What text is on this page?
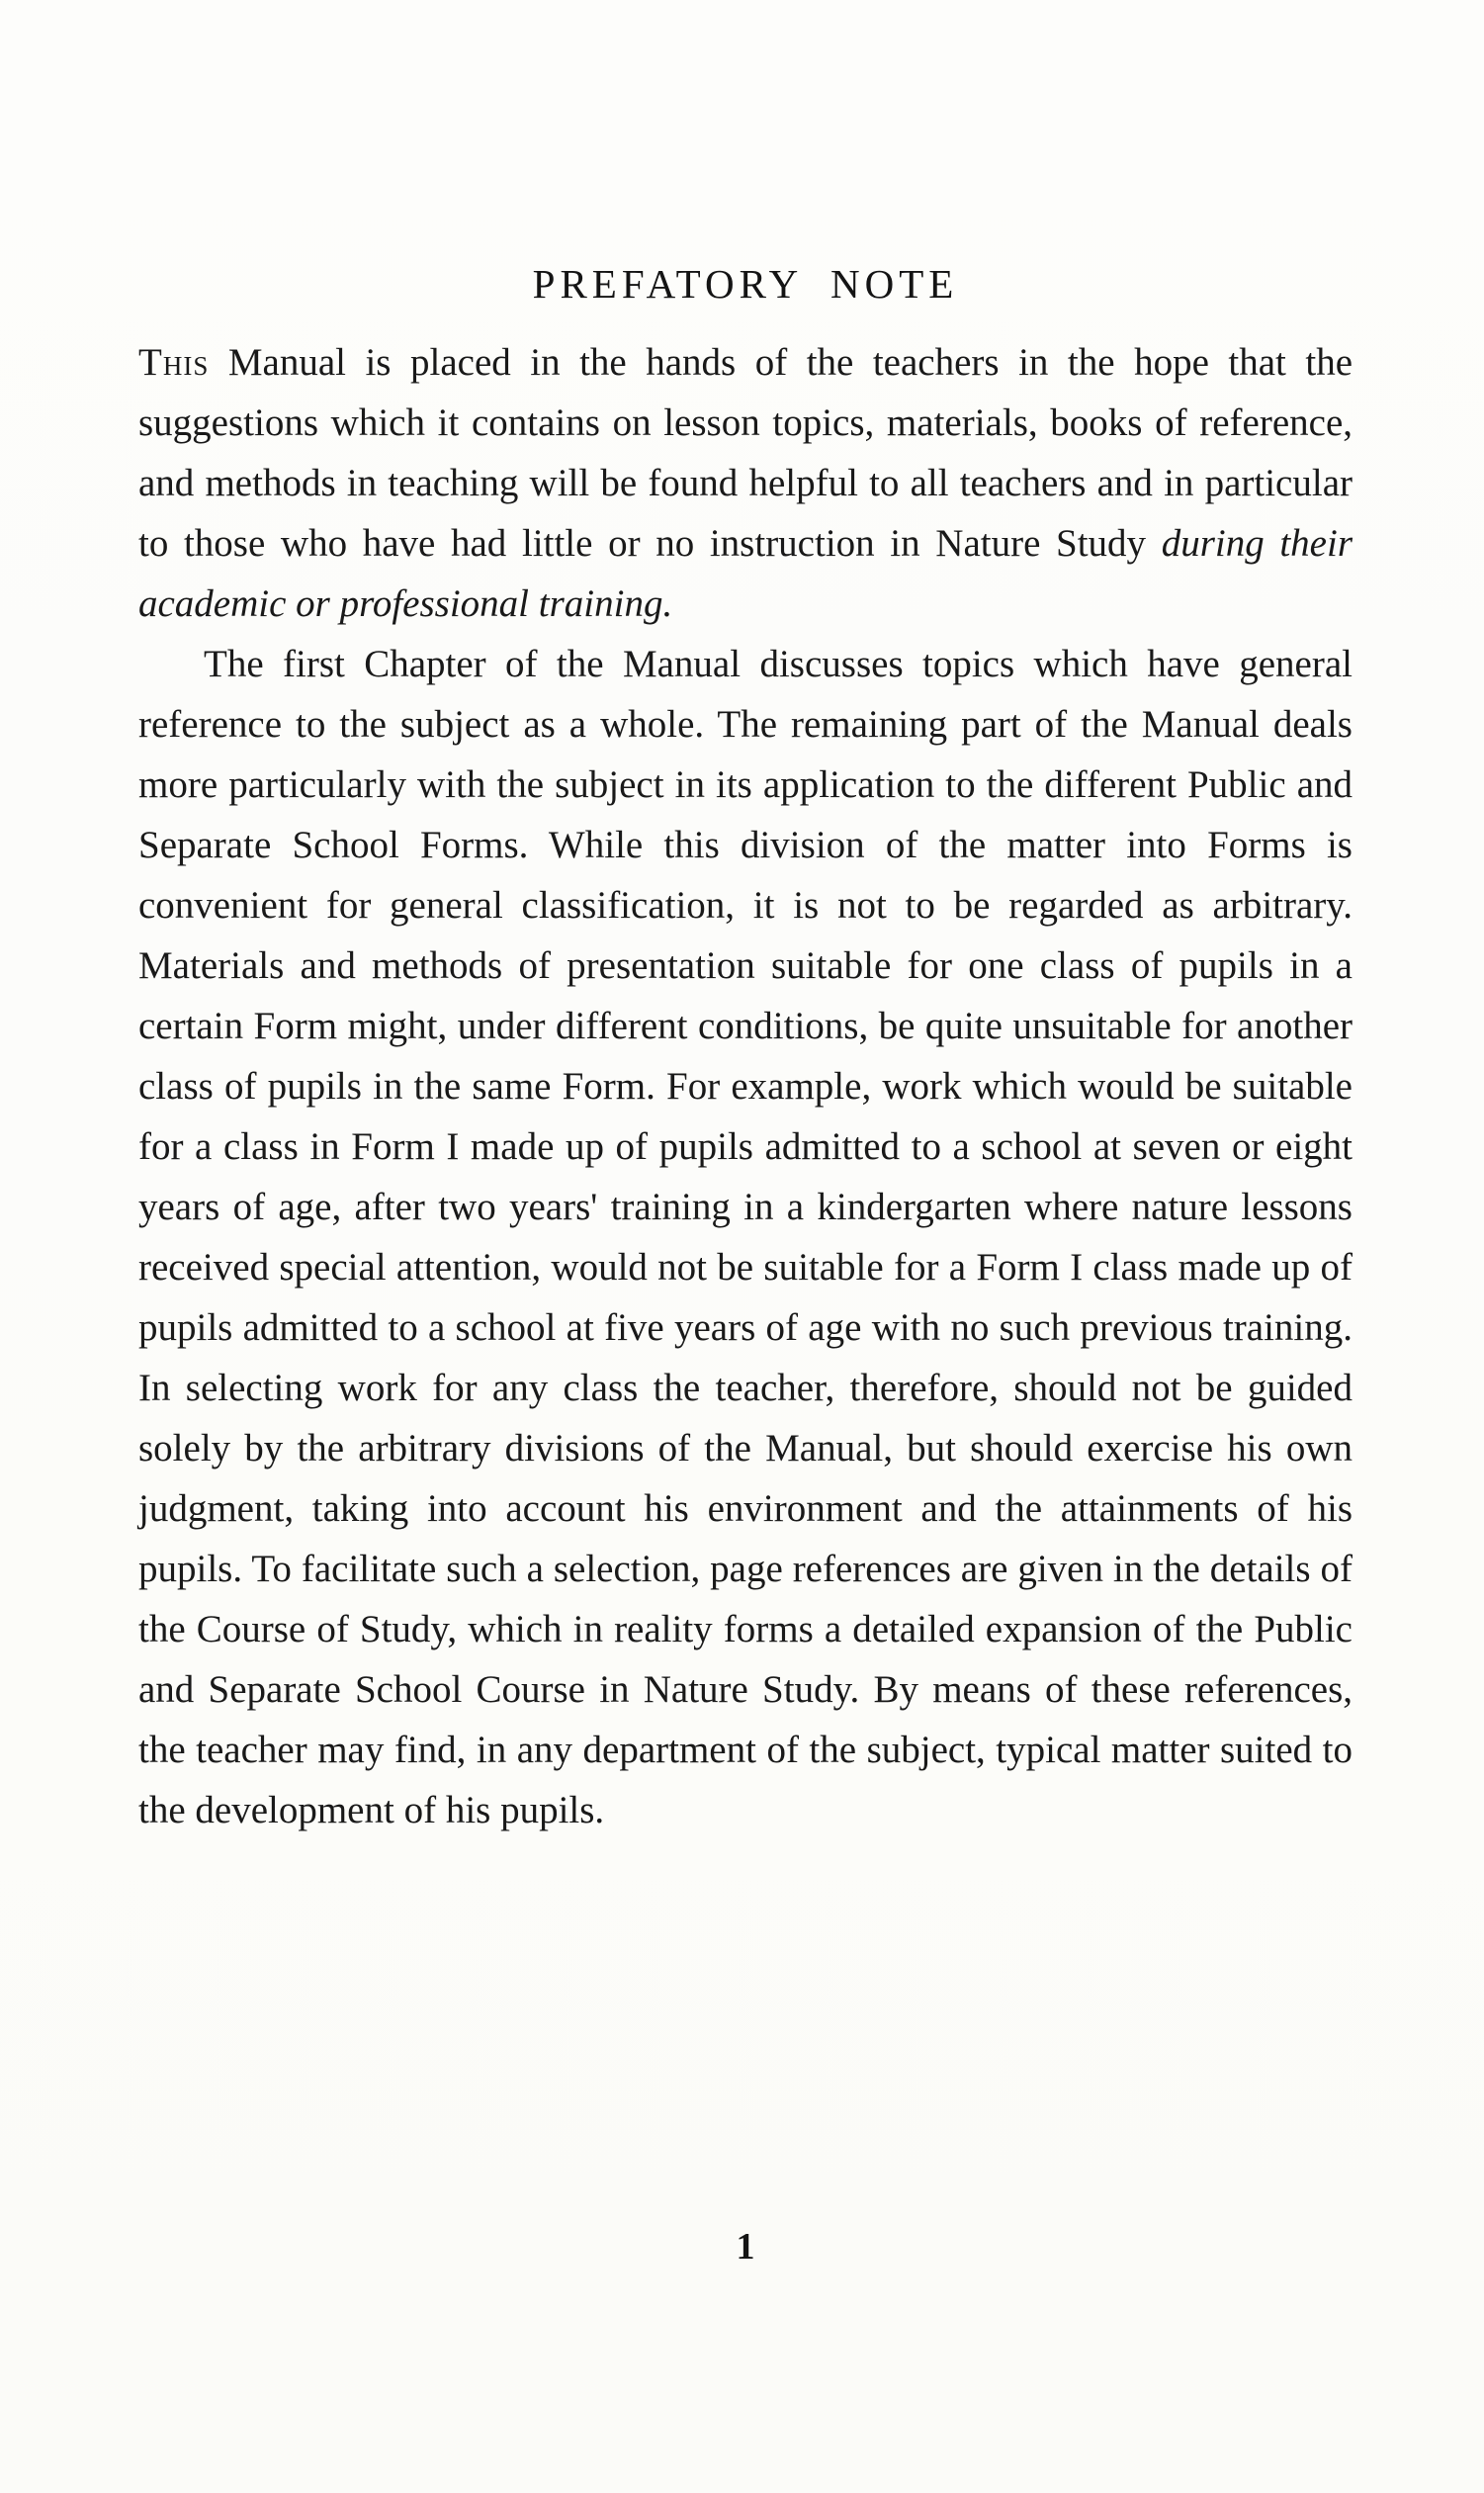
PREFATORY NOTE

This Manual is placed in the hands of the teachers in the hope that the suggestions which it contains on lesson topics, materials, books of reference, and methods in teaching will be found helpful to all teachers and in particular to those who have had little or no instruction in Nature Study during their academic or professional training.

The first Chapter of the Manual discusses topics which have general reference to the subject as a whole. The remaining part of the Manual deals more particularly with the subject in its application to the different Public and Separate School Forms. While this division of the matter into Forms is convenient for general classification, it is not to be regarded as arbitrary. Materials and methods of presentation suitable for one class of pupils in a certain Form might, under different conditions, be quite unsuitable for another class of pupils in the same Form. For example, work which would be suitable for a class in Form I made up of pupils admitted to a school at seven or eight years of age, after two years' training in a kindergarten where nature lessons received special attention, would not be suitable for a Form I class made up of pupils admitted to a school at five years of age with no such previous training. In selecting work for any class the teacher, therefore, should not be guided solely by the arbitrary divisions of the Manual, but should exercise his own judgment, taking into account his environment and the attainments of his pupils. To facilitate such a selection, page references are given in the details of the Course of Study, which in reality forms a detailed expansion of the Public and Separate School Course in Nature Study. By means of these references, the teacher may find, in any department of the subject, typical matter suited to the development of his pupils.

1
